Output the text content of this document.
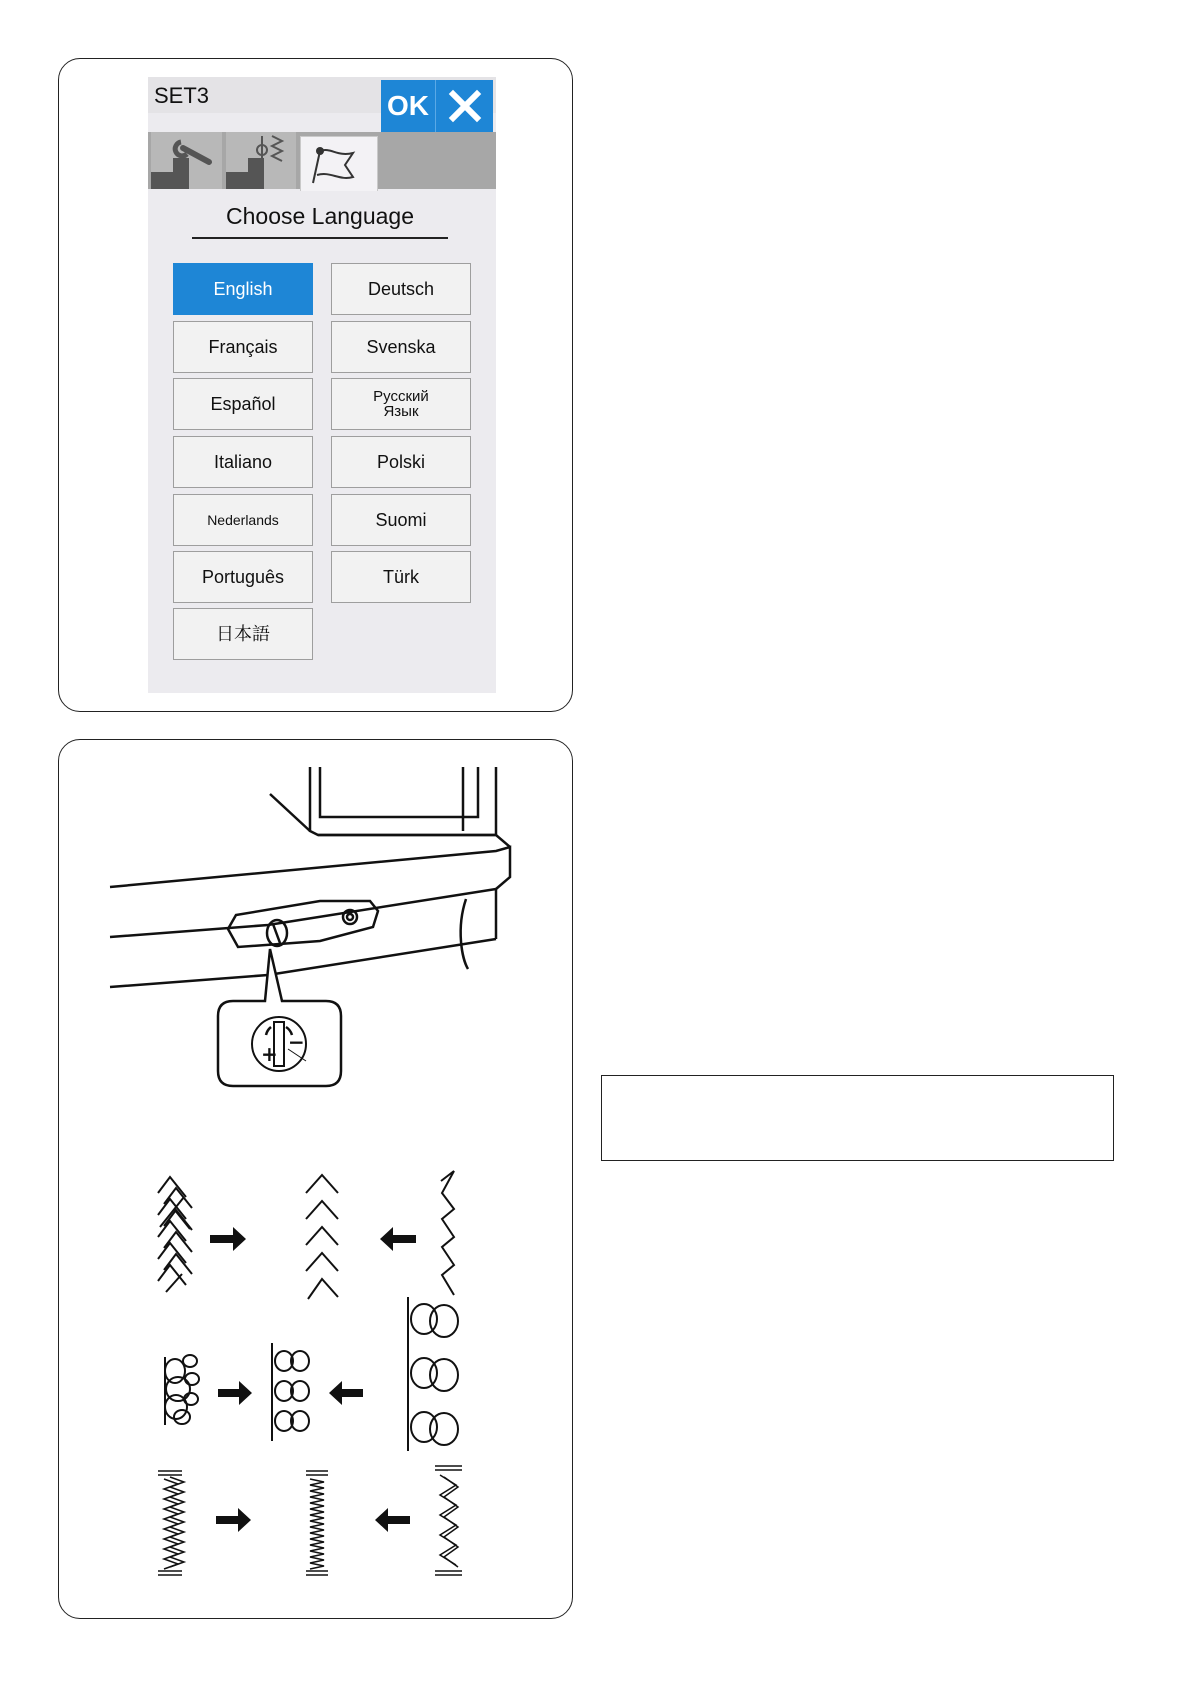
SET3	OK
Choose Language
English	Deutsch
Français	Svenska
Español	Русский Язык
Italiano	Polski
Nederlands	Suomi
Português	Türk
日本語
+ −
